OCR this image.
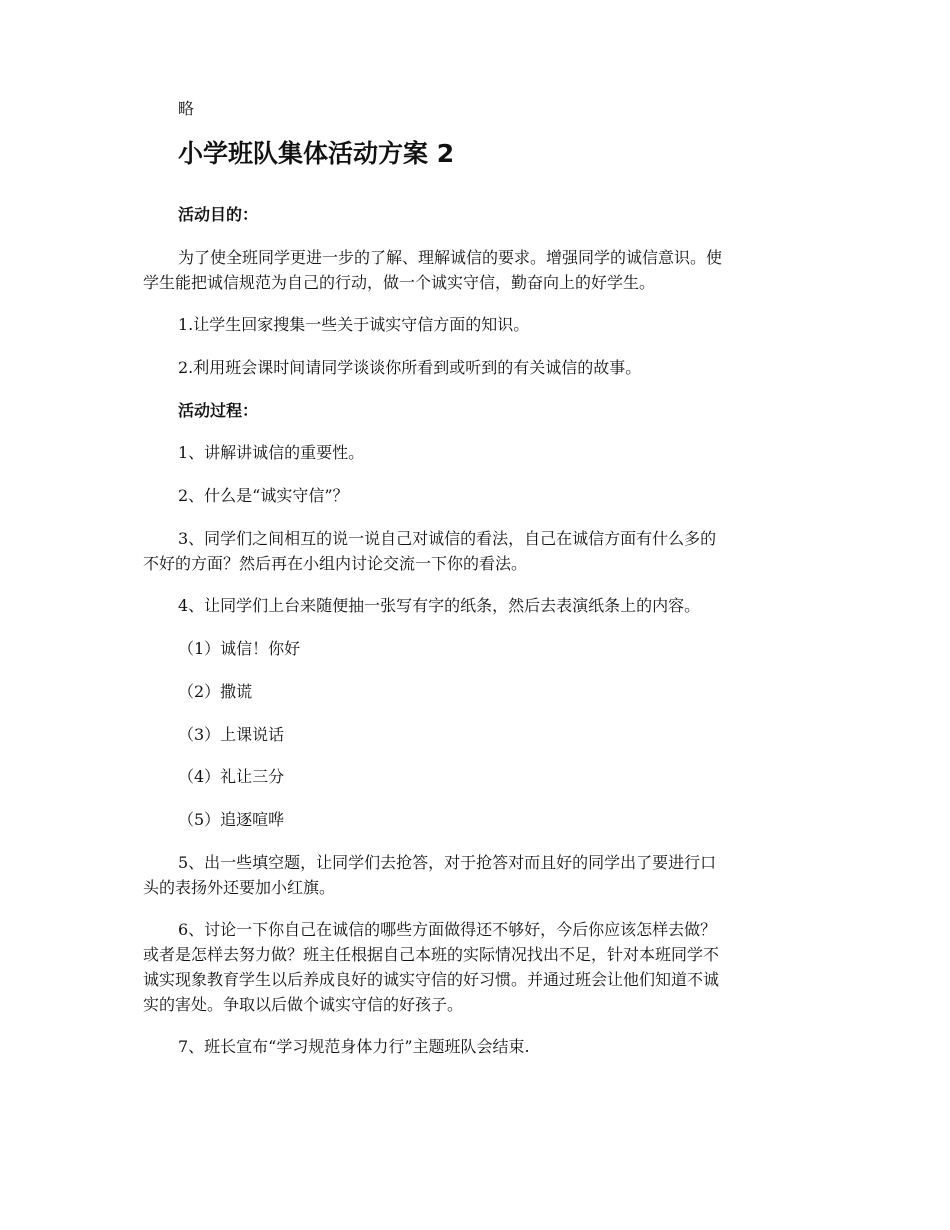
略
小学班队集体活动方案 2
活动目的：
为了使全班同学更进一步的了解、理解诚信的要求。增强同学的诚信意识。使
学生能把诚信规范为自己的行动，做一个诚实守信，勤奋向上的好学生。
1.让学生回家搜集一些关于诚实守信方面的知识。
2.利用班会课时间请同学谈谈你所看到或听到的有关诚信的故事。
活动过程：
1、讲解讲诚信的重要性。
2、什么是“诚实守信”？
3、同学们之间相互的说一说自己对诚信的看法，自己在诚信方面有什么多的
不好的方面？然后再在小组内讨论交流一下你的看法。
4、让同学们上台来随便抽一张写有字的纸条，然后去表演纸条上的内容。
（1）诚信！你好
（2）撒谎
（3）上课说话
（4）礼让三分
（5）追逐喧哗
5、出一些填空题，让同学们去抢答，对于抢答对而且好的同学出了要进行口
头的表扬外还要加小红旗。
6、讨论一下你自己在诚信的哪些方面做得还不够好，今后你应该怎样去做？
或者是怎样去努力做？班主任根据自己本班的实际情况找出不足，针对本班同学不
诚实现象教育学生以后养成良好的诚实守信的好习惯。并通过班会让他们知道不诚
实的害处。争取以后做个诚实守信的好孩子。
7、班长宣布“学习规范身体力行”主题班队会结束.
